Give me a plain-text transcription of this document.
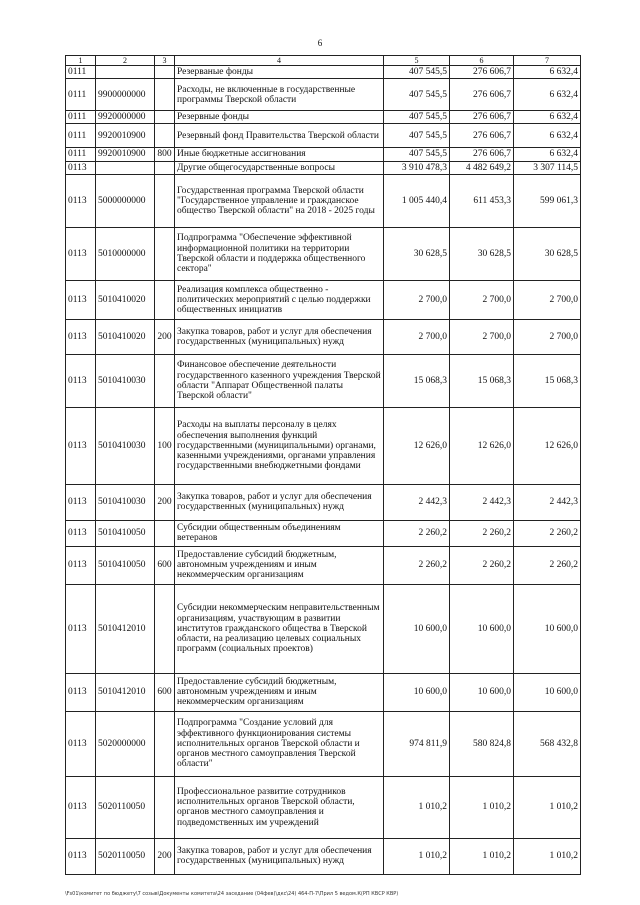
6
1	2	3	4	5	6	7
0111			Резерваные фонды	407 545,5	276 606,7	6 632,4
0111	9900000000		Расходы, не включенные в государственные программы Тверской области	407 545,5	276 606,7	6 632,4
0111	9920000000		Резервные фонды	407 545,5	276 606,7	6 632,4
0111	9920010900		Резервный фонд Правительства Тверской области	407 545,5	276 606,7	6 632,4
0111	9920010900	800	Иные бюджетные ассигнования	407 545,5	276 606,7	6 632,4
0113			Другие общегосударственные вопросы	3 910 478,3	4 482 649,2	3 307 114,5
0113	5000000000		Государственная программа Тверской области "Государственное управление и гражданское общество Тверской области" на 2018 - 2025 годы	1 005 440,4	611 453,3	599 061,3
0113	5010000000		Подпрограмма "Обеспечение эффективной информационной политики на территории Тверской области и поддержка общественного сектора"	30 628,5	30 628,5	30 628,5
0113	5010410020		Реализация комплекса общественно - политических мероприятий с целью поддержки общественных инициатив	2 700,0	2 700,0	2 700,0
0113	5010410020	200	Закупка товаров, работ и услуг для обеспечения государственных (муниципальных) нужд	2 700,0	2 700,0	2 700,0
0113	5010410030		Финансовое обеспечение деятельности государственного казенного учреждения Тверской области "Аппарат Общественной палаты Тверской области"	15 068,3	15 068,3	15 068,3
0113	5010410030	100	Расходы на выплаты персоналу в целях обеспечения выполнения функций государственными (муниципальными) органами, казенными учреждениями, органами управления государственными внебюджетными фондами	12 626,0	12 626,0	12 626,0
0113	5010410030	200	Закупка товаров, работ и услуг для обеспечения государственных (муниципальных) нужд	2 442,3	2 442,3	2 442,3
0113	5010410050		Субсидии общественным объединениям ветеранов	2 260,2	2 260,2	2 260,2
0113	5010410050	600	Предоставление субсидий бюджетным, автономным учреждениям и иным некоммерческим организациям	2 260,2	2 260,2	2 260,2
0113	5010412010		Субсидии некоммерческим неправительственным организациям, участвующим в развитии институтов гражданского общества в Тверской области, на реализацию целевых социальных программ (социальных проектов)	10 600,0	10 600,0	10 600,0
0113	5010412010	600	Предоставление субсидий бюджетным, автономным учреждениям и иным некоммерческим организациям	10 600,0	10 600,0	10 600,0
0113	5020000000		Подпрограмма "Создание условий для эффективного функционирования системы исполнительных органов Тверской области и органов местного самоуправления Тверской области"	974 811,9	580 824,8	568 432,8
0113	5020110050		Профессиональное развитие сотрудников исполнительных органов Тверской области, органов местного самоуправления и подведомственных им учреждений	1 010,2	1 010,2	1 010,2
0113	5020110050	200	Закупка товаров, работ и услуг для обеспечения государственных (муниципальных) нужд	1 010,2	1 010,2	1 010,2
\Fs01\комитет по бюджету\7 созыв\Документы комитета\24 заседание (04фев)\дкс\24) 464-П-7\Прил 5 ведом.К(РП КВСР КВР)
